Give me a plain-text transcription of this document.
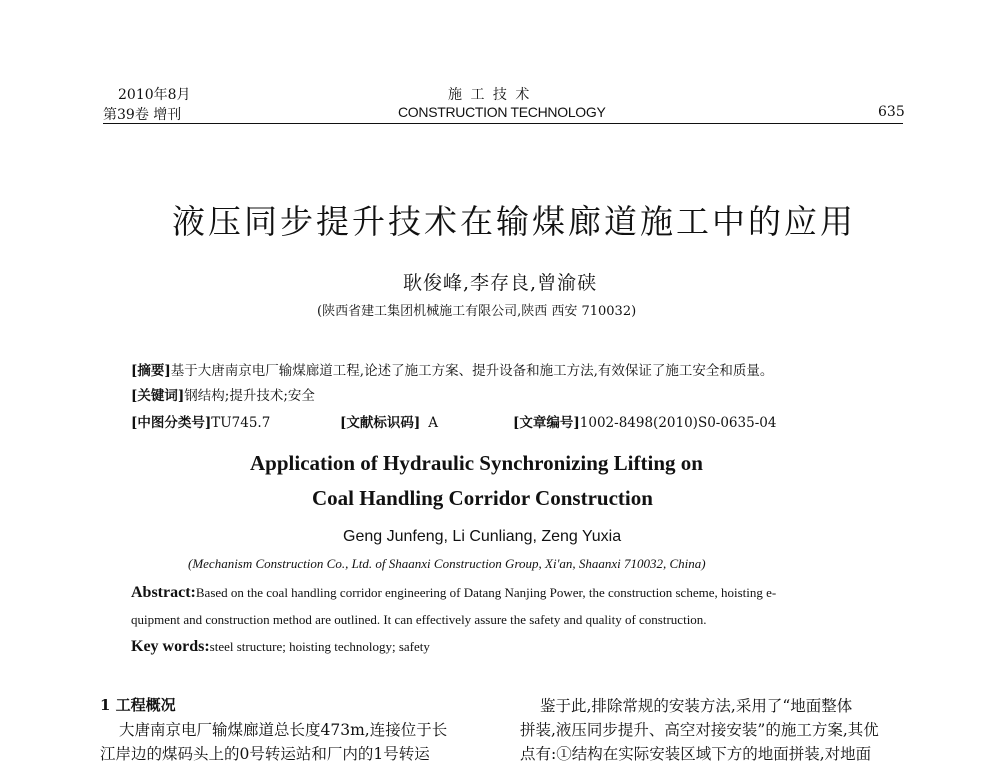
2010年8月
第39卷 增刊
施 工 技 术
CONSTRUCTION TECHNOLOGY	635
液压同步提升技术在输煤廊道施工中的应用
耿俊峰,李存良,曾渝硖
(陕西省建工集团机械施工有限公司,陕西 西安 710032)
[摘要]基于大唐南京电厂输煤廊道工程,论述了施工方案、提升设备和施工方法,有效保证了施工安全和质量。
[关键词]钢结构;提升技术;安全
[中图分类号]TU745.7	[文献标识码] A	[文章编号]1002-8498(2010)S0-0635-04
Application of Hydraulic Synchronizing Lifting on
Coal Handling Corridor Construction
Geng Junfeng, Li Cunliang, Zeng Yuxia
(Mechanism Construction Co., Ltd. of Shaanxi Construction Group, Xi'an, Shaanxi 710032, China)
Abstract:Based on the coal handling corridor engineering of Datang Nanjing Power, the construction scheme, hoisting e-
quipment and construction method are outlined. It can effectively assure the safety and quality of construction.
Key words:steel structure; hoisting technology; safety
1 工程概况
大唐南京电厂输煤廊道总长度473m,连接位于长
江岸边的煤码头上的0号转运站和厂内的1号转运
鉴于此,排除常规的安装方法,采用了“地面整体
拼装,液压同步提升、高空对接安装”的施工方案,其优
点有:①结构在实际安装区域下方的地面拼装,对地面
